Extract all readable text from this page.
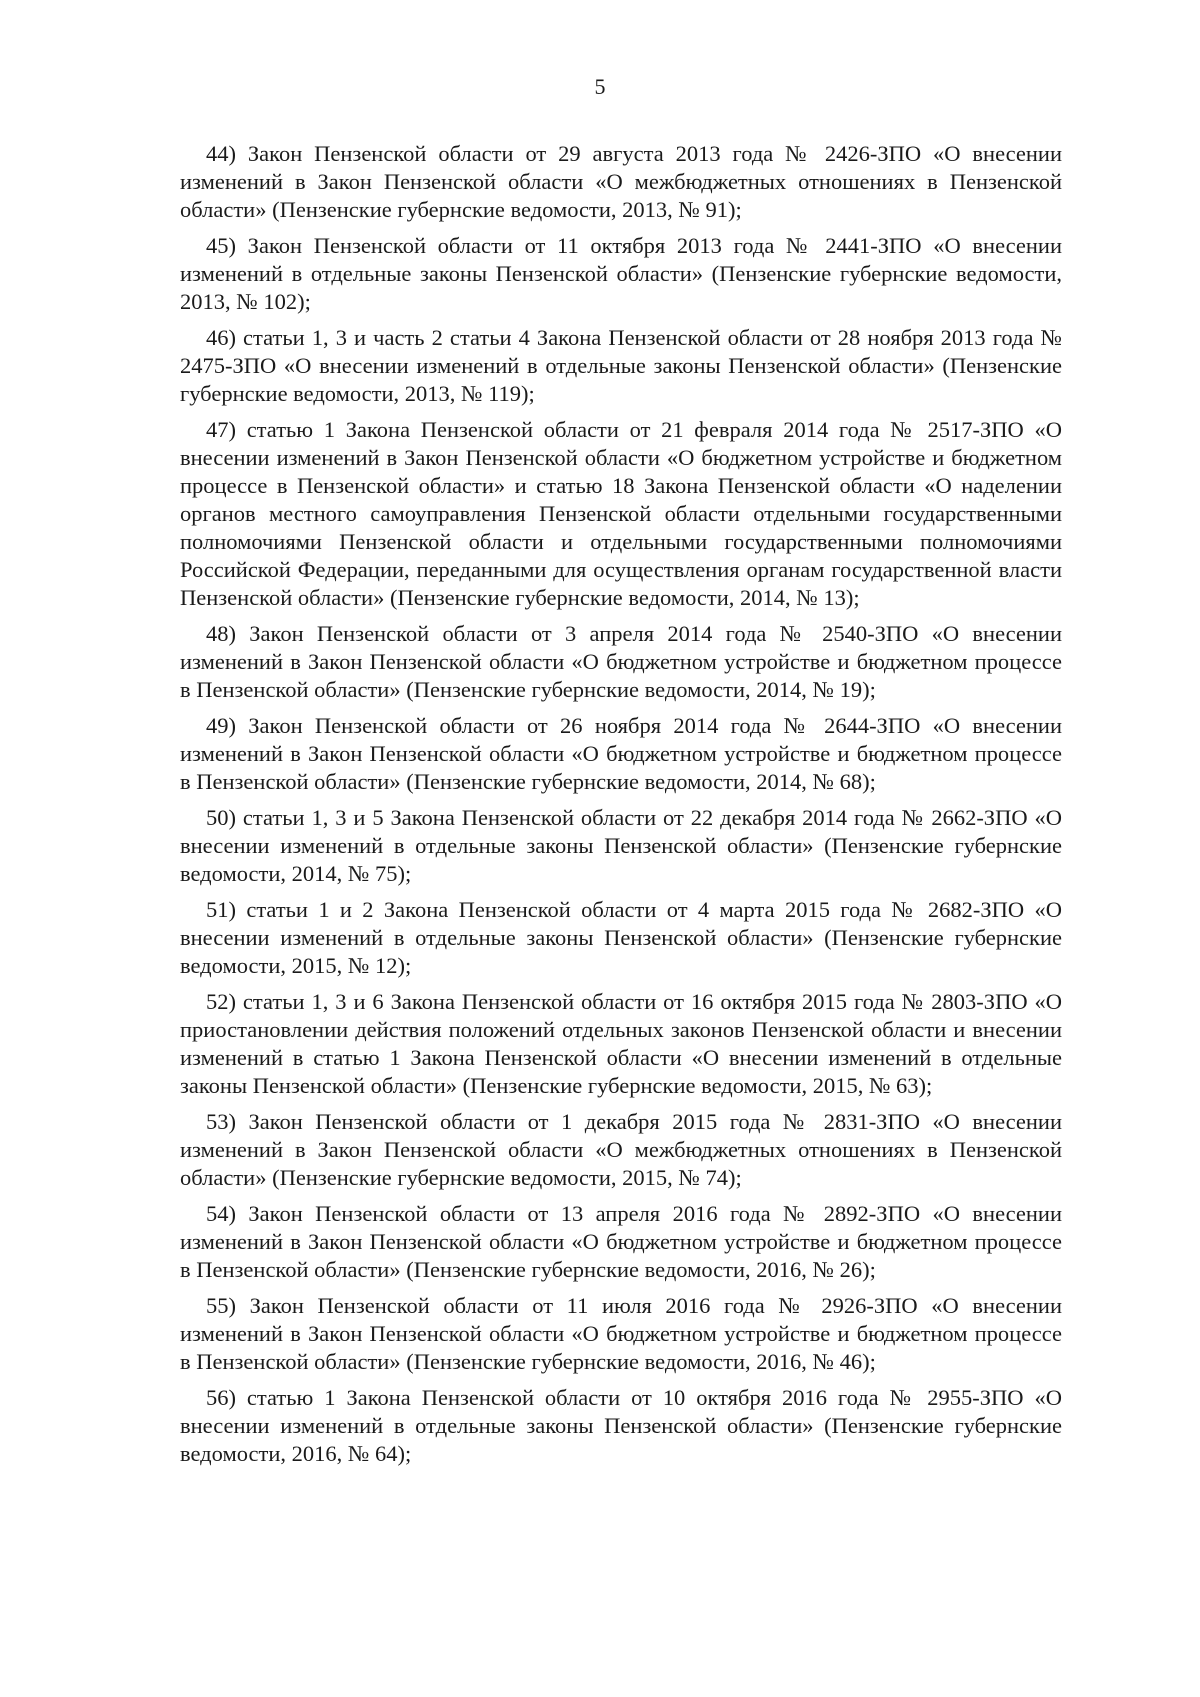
5

44) Закон Пензенской области от 29 августа 2013 года № 2426-ЗПО «О внесении изменений в Закон Пензенской области «О межбюджетных отношениях в Пензенской области» (Пензенские губернские ведомости, 2013, № 91);

45) Закон Пензенской области от 11 октября 2013 года № 2441-ЗПО «О внесении изменений в отдельные законы Пензенской области» (Пензенские губернские ведомости, 2013, № 102);

46) статьи 1, 3 и часть 2 статьи 4 Закона Пензенской области от 28 ноября 2013 года № 2475-ЗПО «О внесении изменений в отдельные законы Пензенской области» (Пензенские губернские ведомости, 2013, № 119);

47) статью 1 Закона Пензенской области от 21 февраля 2014 года № 2517-ЗПО «О внесении изменений в Закон Пензенской области «О бюджетном устройстве и бюджетном процессе в Пензенской области» и статью 18 Закона Пензенской области «О наделении органов местного самоуправления Пензенской области отдельными государственными полномочиями Пензенской области и отдельными государственными полномочиями Российской Федерации, переданными для осуществления органам государственной власти Пензенской области» (Пензенские губернские ведомости, 2014, № 13);

48) Закон Пензенской области от 3 апреля 2014 года № 2540-ЗПО «О внесении изменений в Закон Пензенской области «О бюджетном устройстве и бюджетном процессе в Пензенской области» (Пензенские губернские ведомости, 2014, № 19);

49) Закон Пензенской области от 26 ноября 2014 года № 2644-ЗПО «О внесении изменений в Закон Пензенской области «О бюджетном устройстве и бюджетном процессе в Пензенской области» (Пензенские губернские ведомости, 2014, № 68);

50) статьи 1, 3 и 5 Закона Пензенской области от 22 декабря 2014 года № 2662-ЗПО «О внесении изменений в отдельные законы Пензенской области» (Пензенские губернские ведомости, 2014, № 75);

51) статьи 1 и 2 Закона Пензенской области от 4 марта 2015 года № 2682-ЗПО «О внесении изменений в отдельные законы Пензенской области» (Пензенские губернские ведомости, 2015, № 12);

52) статьи 1, 3 и 6 Закона Пензенской области от 16 октября 2015 года № 2803-ЗПО «О приостановлении действия положений отдельных законов Пензенской области и внесении изменений в статью 1 Закона Пензенской области «О внесении изменений в отдельные законы Пензенской области» (Пензенские губернские ведомости, 2015, № 63);

53) Закон Пензенской области от 1 декабря 2015 года № 2831-ЗПО «О внесении изменений в Закон Пензенской области «О межбюджетных отношениях в Пензенской области» (Пензенские губернские ведомости, 2015, № 74);

54) Закон Пензенской области от 13 апреля 2016 года № 2892-ЗПО «О внесении изменений в Закон Пензенской области «О бюджетном устройстве и бюджетном процессе в Пензенской области» (Пензенские губернские ведомости, 2016, № 26);

55) Закон Пензенской области от 11 июля 2016 года № 2926-ЗПО «О внесении изменений в Закон Пензенской области «О бюджетном устройстве и бюджетном процессе в Пензенской области» (Пензенские губернские ведомости, 2016, № 46);

56) статью 1 Закона Пензенской области от 10 октября 2016 года № 2955-ЗПО «О внесении изменений в отдельные законы Пензенской области» (Пензенские губернские ведомости, 2016, № 64);
